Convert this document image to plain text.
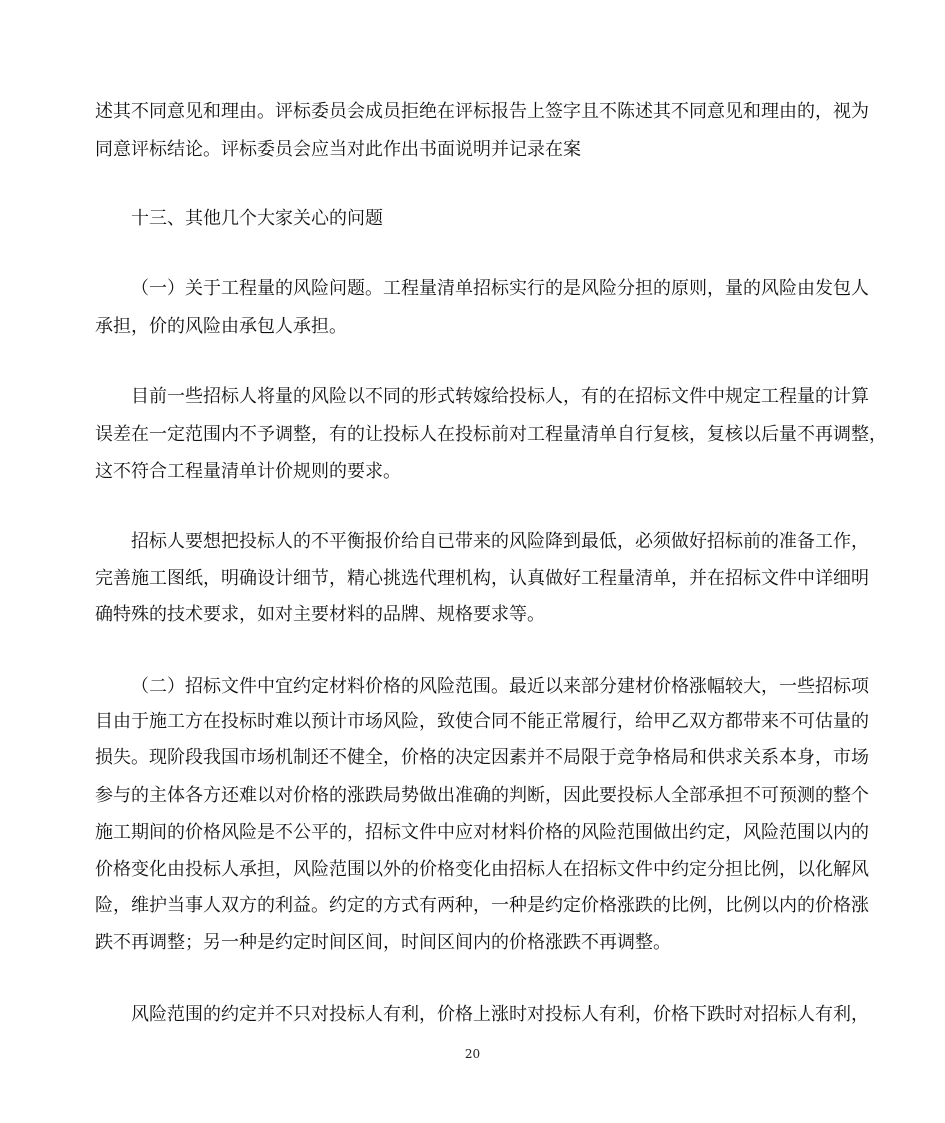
述其不同意见和理由。评标委员会成员拒绝在评标报告上签字且不陈述其不同意见和理由的，视为
同意评标结论。评标委员会应当对此作出书面说明并记录在案
十三、其他几个大家关心的问题
（一）关于工程量的风险问题。工程量清单招标实行的是风险分担的原则，量的风险由发包人
承担，价的风险由承包人承担。
目前一些招标人将量的风险以不同的形式转嫁给投标人，有的在招标文件中规定工程量的计算
误差在一定范围内不予调整，有的让投标人在投标前对工程量清单自行复核，复核以后量不再调整，
这不符合工程量清单计价规则的要求。
招标人要想把投标人的不平衡报价给自已带来的风险降到最低，必须做好招标前的准备工作，
完善施工图纸，明确设计细节，精心挑选代理机构，认真做好工程量清单，并在招标文件中详细明
确特殊的技术要求，如对主要材料的品牌、规格要求等。
（二）招标文件中宜约定材料价格的风险范围。最近以来部分建材价格涨幅较大，一些招标项
目由于施工方在投标时难以预计市场风险，致使合同不能正常履行，给甲乙双方都带来不可估量的
损失。现阶段我国市场机制还不健全，价格的决定因素并不局限于竞争格局和供求关系本身，市场
参与的主体各方还难以对价格的涨跌局势做出准确的判断，因此要投标人全部承担不可预测的整个
施工期间的价格风险是不公平的，招标文件中应对材料价格的风险范围做出约定，风险范围以内的
价格变化由投标人承担，风险范围以外的价格变化由招标人在招标文件中约定分担比例，以化解风
险，维护当事人双方的利益。约定的方式有两种，一种是约定价格涨跌的比例，比例以内的价格涨
跌不再调整；另一种是约定时间区间，时间区间内的价格涨跌不再调整。
风险范围的约定并不只对投标人有利，价格上涨时对投标人有利，价格下跌时对招标人有利，
20
